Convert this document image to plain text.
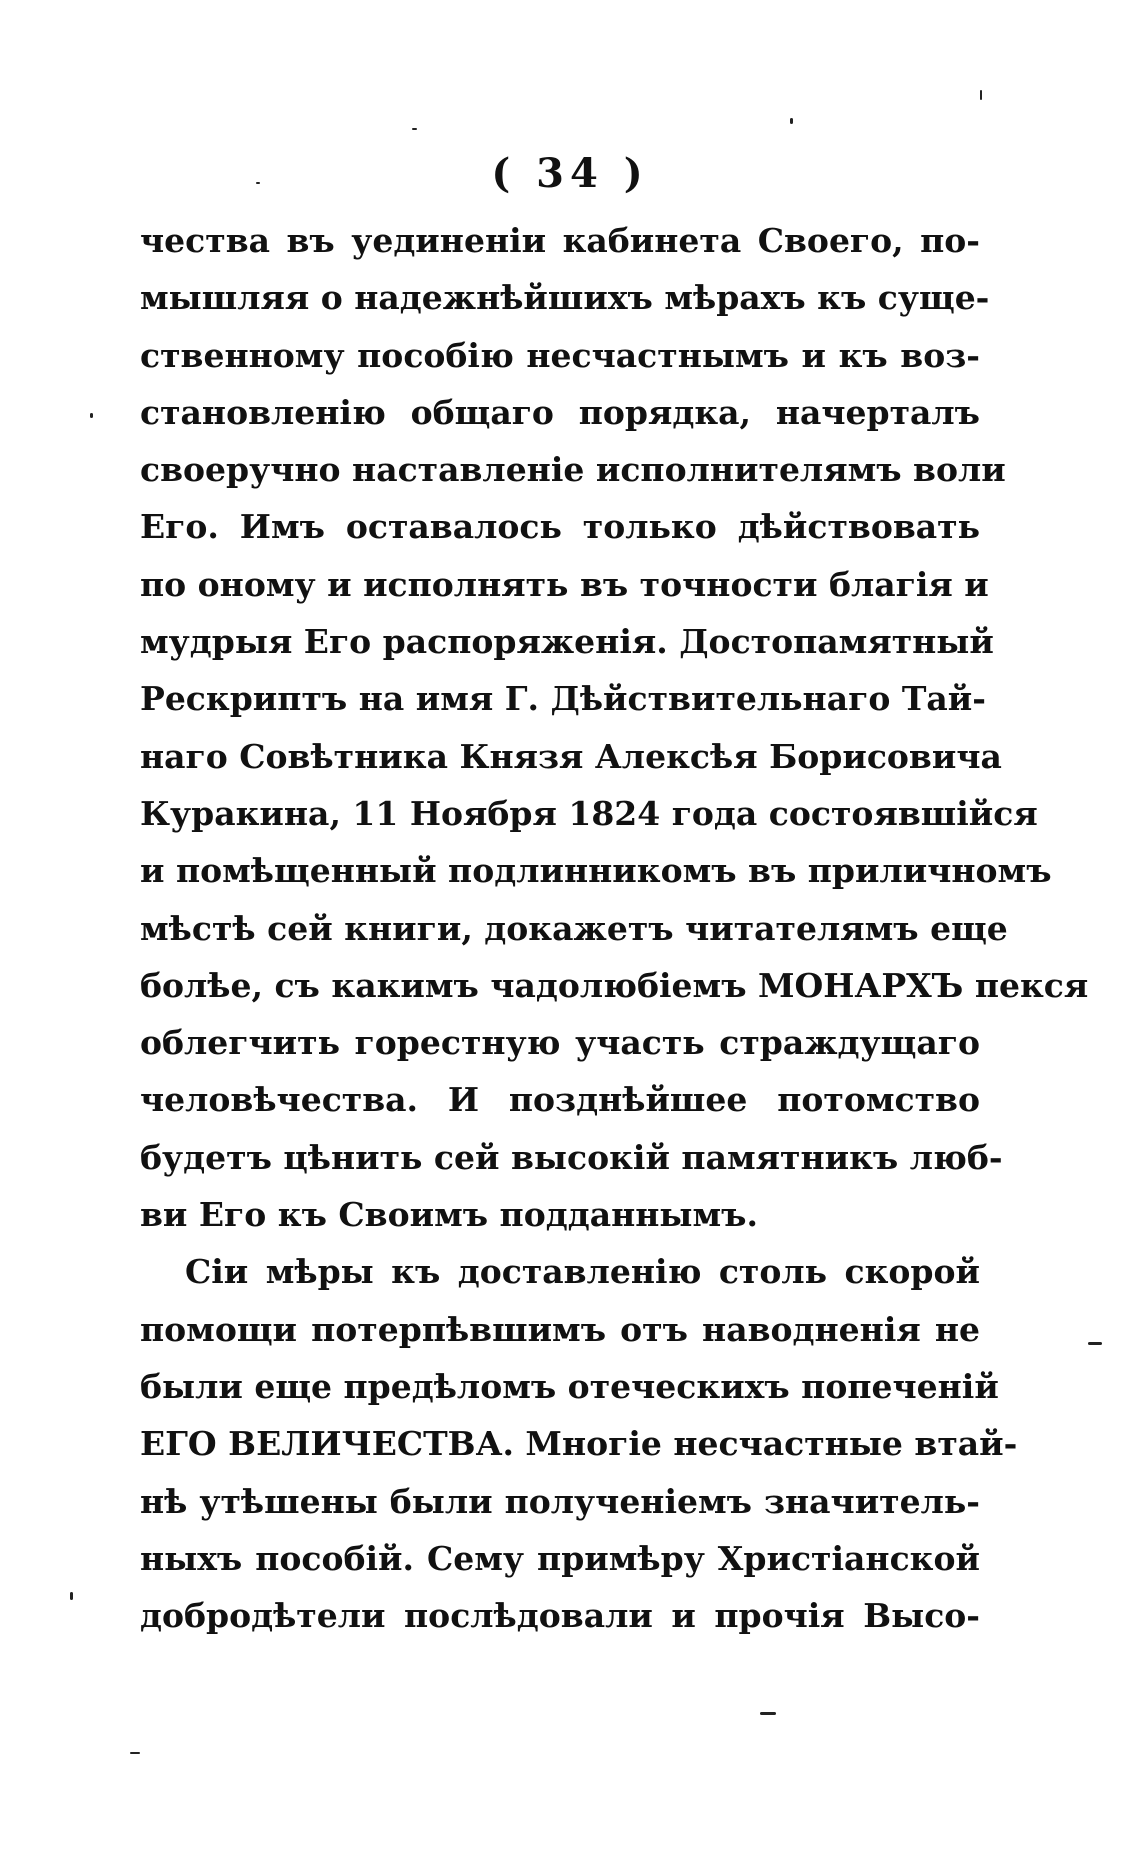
( 34 )
чества въ уединеніи кабинета Своего, по-
мышляя о надежнѣйшихъ мѣрахъ къ суще-
ственному пособію несчастнымъ и къ воз-
становленію общаго порядка, начерталъ
своеручно наставленіе исполнителямъ воли
Его. Имъ оставалось только дѣйствовать
по оному и исполнять въ точности благія и
мудрыя Его распоряженія. Достопамятный
Рескриптъ на имя Г. Дѣйствительнаго Тай-
наго Совѣтника Князя Алексѣя Борисовича
Куракина, 11 Ноября 1824 года состоявшійся
и помѣщенный подлинникомъ въ приличномъ
мѣстѣ сей книги, докажетъ читателямъ еще
болѣе, съ какимъ чадолюбіемъ МОНАРХЪ пекся
облегчить горестную участь страждущаго
человѣчества. И позднѣйшее потомство
будетъ цѣнить сей высокій памятникъ люб-
ви Его къ Своимъ подданнымъ.
Сіи мѣры къ доставленію столь скорой
помощи потерпѣвшимъ отъ наводненія не
были еще предѣломъ отеческихъ попеченій
ЕГО ВЕЛИЧЕСТВА. Многіе несчастные втай-
нѣ утѣшены были полученіемъ значитель-
ныхъ пособій. Сему примѣру Христіанской
добродѣтели послѣдовали и прочія Высо-
